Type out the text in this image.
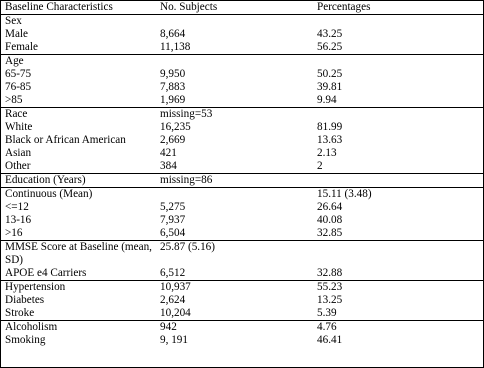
Baseline Characteristics	No. Subjects	Percentages
Sex		
Male	8,664	43.25
Female	11,138	56.25
Age		
65-75	9,950	50.25
76-85	7,883	39.81
>85	1,969	9.94
Race	missing=53	
White	16,235	81.99
Black or African American	2,669	13.63
Asian	421	2.13
Other	384	2
Education (Years)	missing=86	
Continuous (Mean)		15.11 (3.48)
<=12	5,275	26.64
13-16	7,937	40.08
>16	6,504	32.85
MMSE Score at Baseline (mean, SD)	25.87 (5.16)	
APOE e4 Carriers	6,512	32.88
Hypertension	10,937	55.23
Diabetes	2,624	13.25
Stroke	10,204	5.39
Alcoholism	942	4.76
Smoking	9, 191	46.41
